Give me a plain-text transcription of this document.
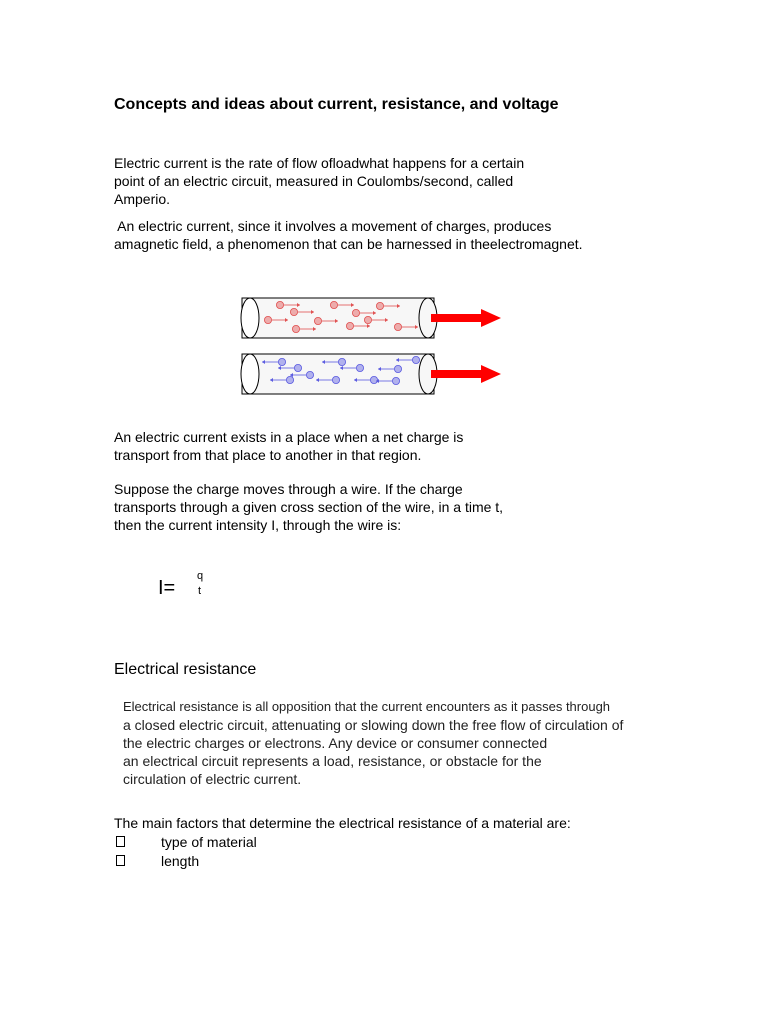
Concepts and ideas about current, resistance, and voltage

Electric current is the rate of flow ofloadwhat happens for a certain
point of an electric circuit, measured in Coulombs/second, called
Amperio.

An electric current, since it involves a movement of charges, produces
amagnetic field, a phenomenon that can be harnessed in theelectromagnet.

An electric current exists in a place when a net charge is
transport from that place to another in that region.

Suppose the charge moves through a wire. If the charge
transports through a given cross section of the wire, in a time t,
then the current intensity I, through the wire is:

I=
q
t
Electrical resistance

Electrical resistance is all opposition that the current encounters as it passes through
a closed electric circuit, attenuating or slowing down the free flow of circulation of
the electric charges or electrons. Any device or consumer connected
an electrical circuit represents a load, resistance, or obstacle for the
circulation of electric current.

The main factors that determine the electrical resistance of a material are:
type of material
length
